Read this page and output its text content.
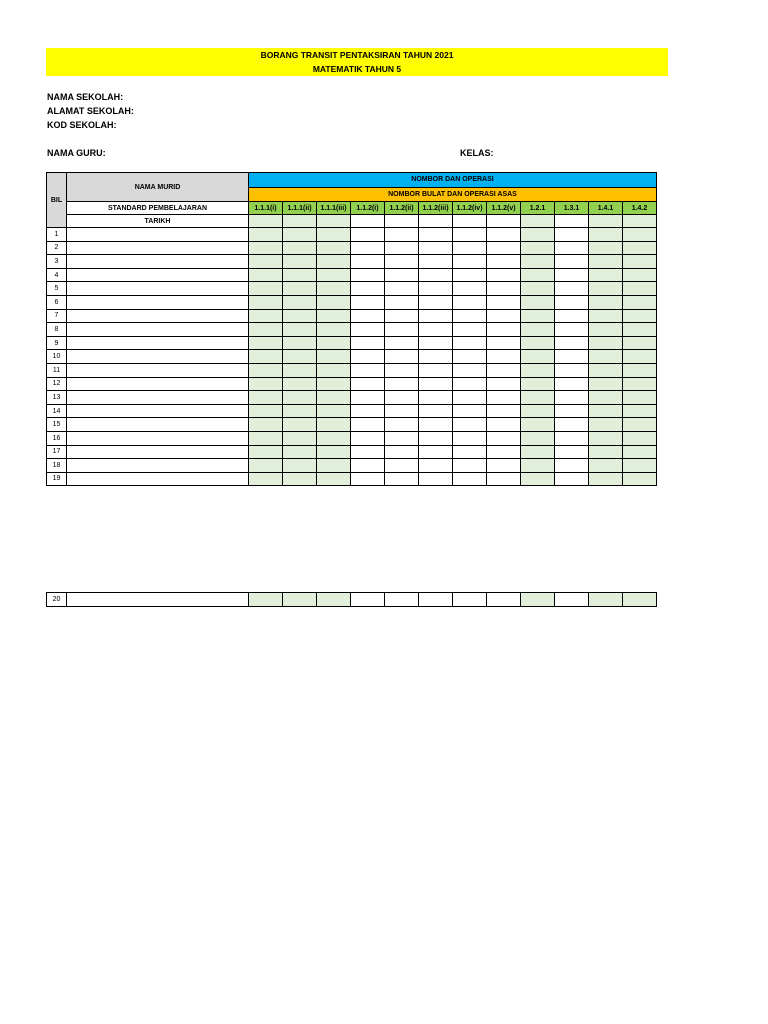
BORANG TRANSIT PENTAKSIRAN TAHUN 2021
MATEMATIK TAHUN 5
NAMA SEKOLAH:
ALAMAT SEKOLAH:
KOD SEKOLAH:
NAMA GURU:	KELAS:
BIL	NAMA MURID	NOMBOR DAN OPERASI											
		NOMBOR BULAT DAN OPERASI ASAS											
	STANDARD PEMBELAJARAN	1.1.1(i)	1.1.1(ii)	1.1.1(iii)	1.1.2(i)	1.1.2(ii)	1.1.2(iii)	1.1.2(iv)	1.1.2(v)	1.2.1	1.3.1	1.4.1	1.4.2
	TARIKH												
1													
2													
3													
4													
5													
6													
7													
8													
9													
10													
11													
12													
13													
14													
15													
16													
17													
18													
19													
20													
